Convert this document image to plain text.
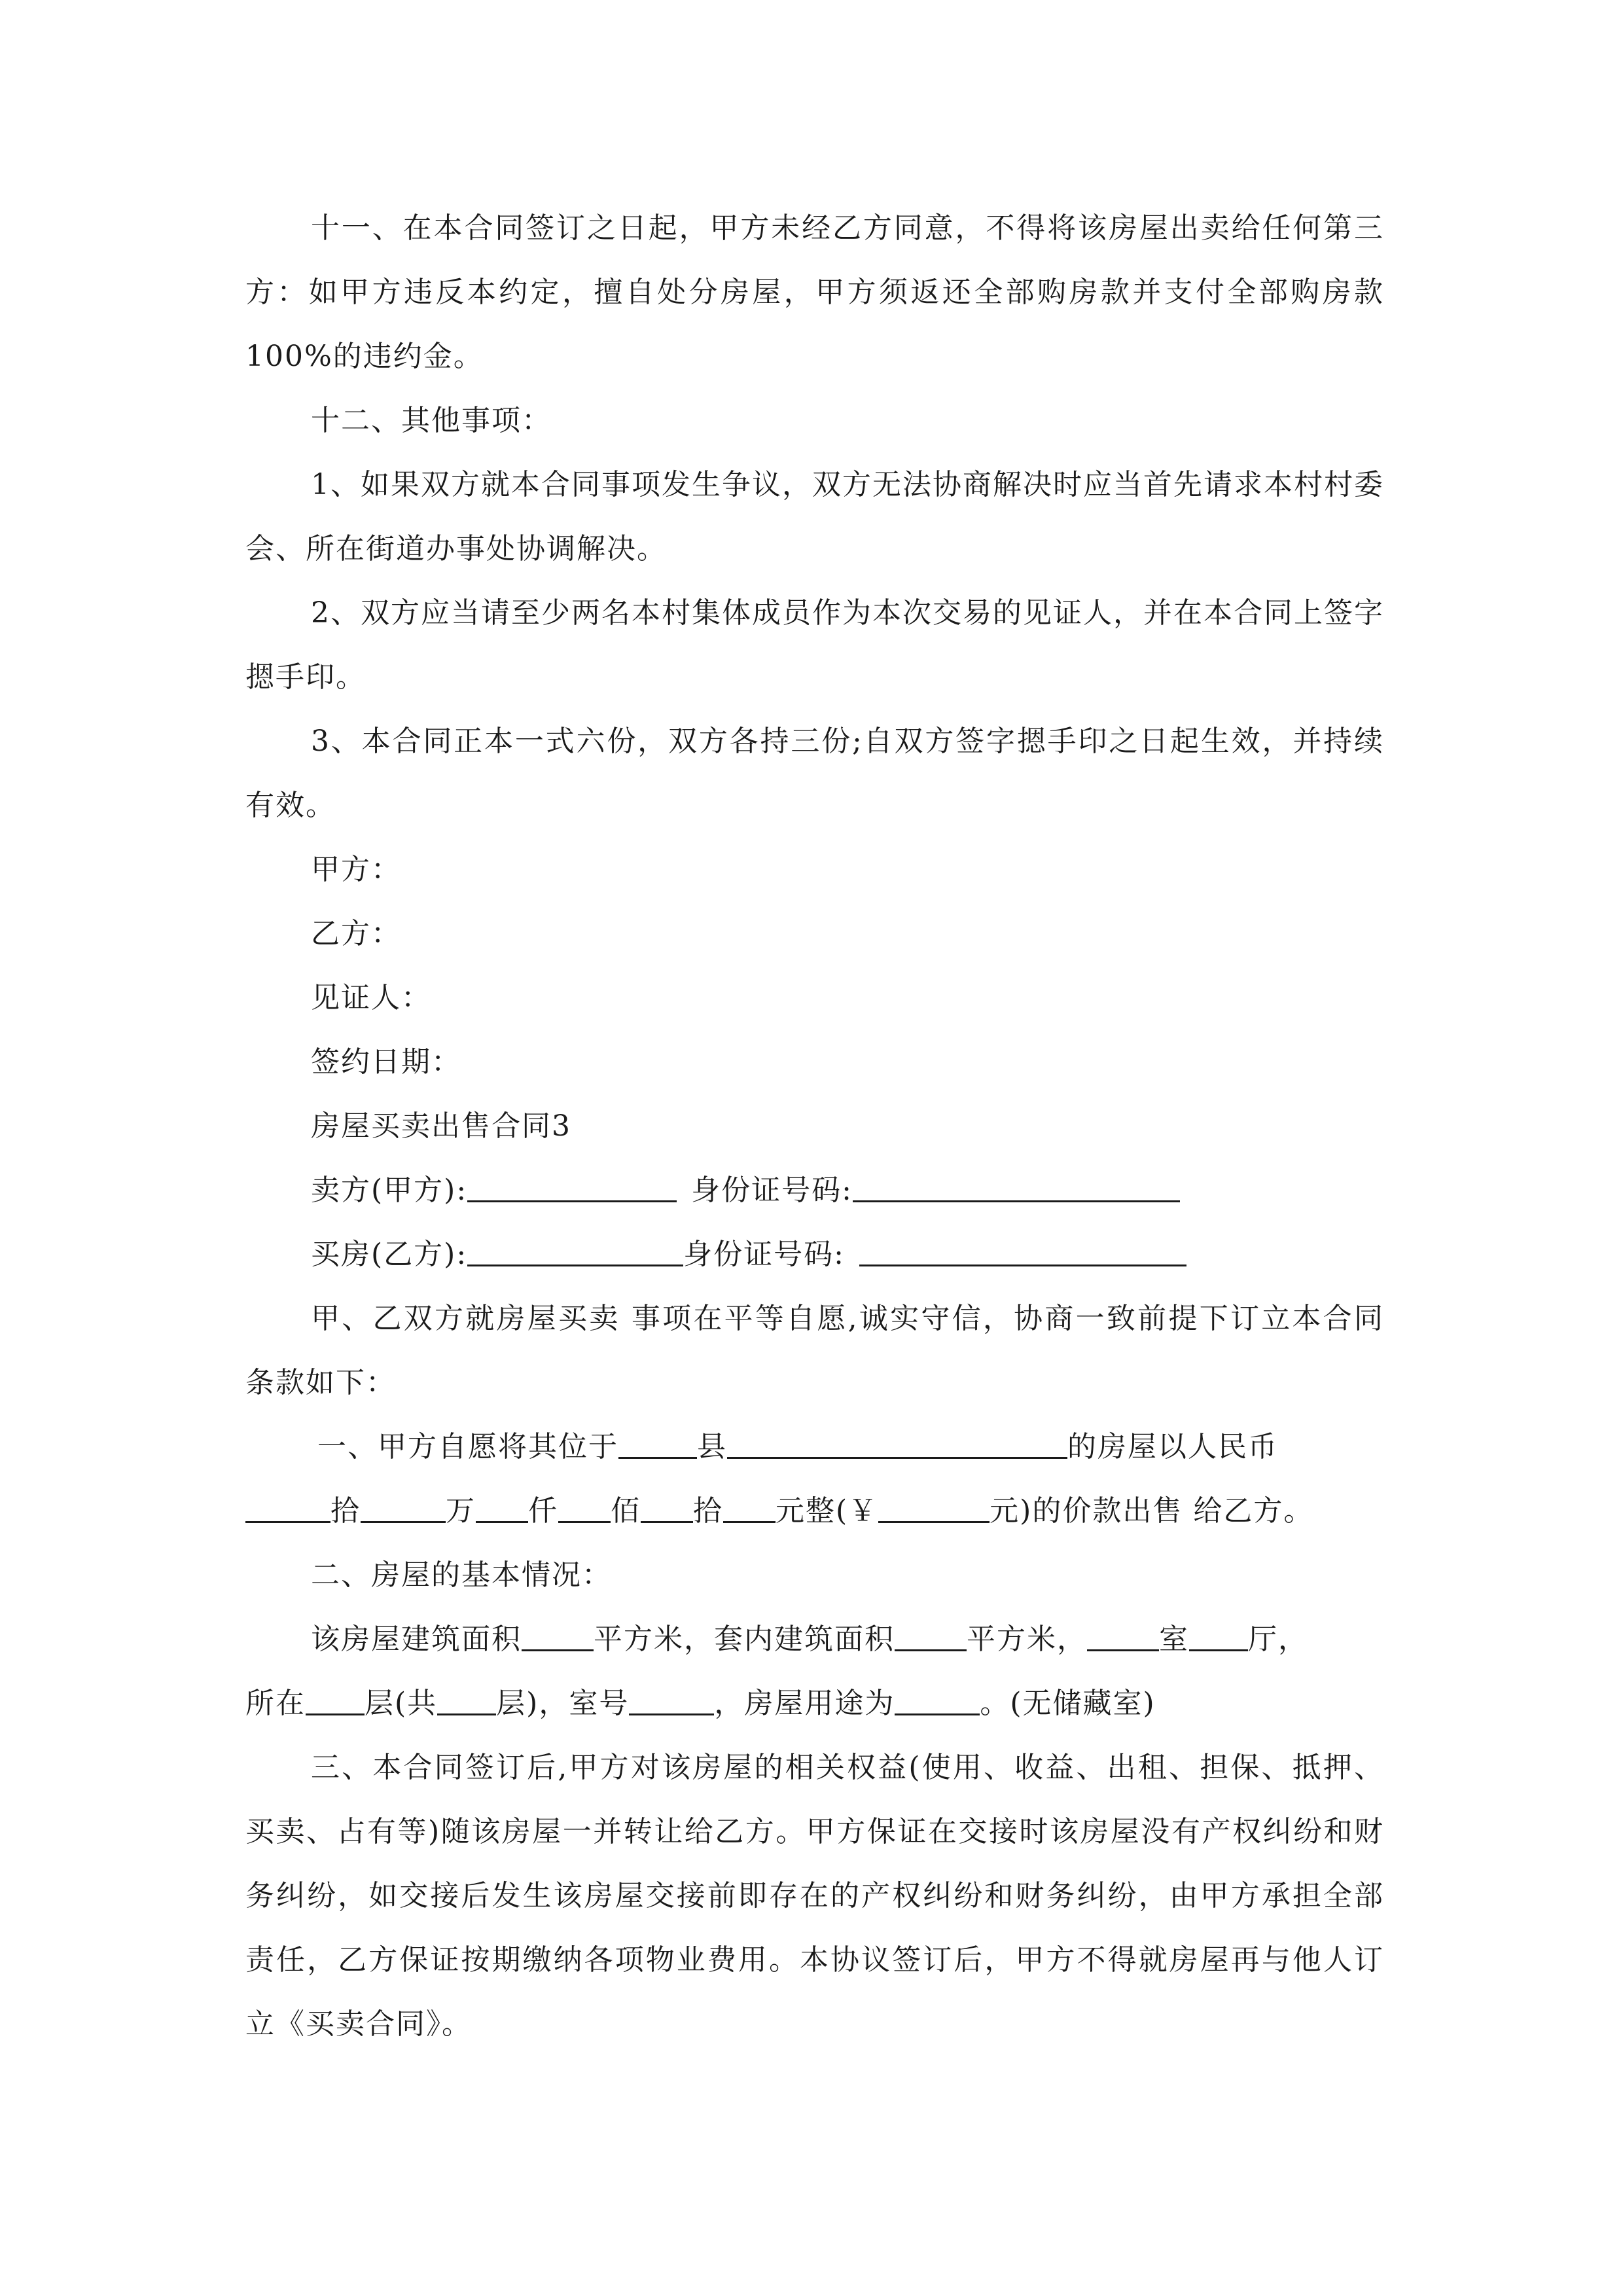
十一、在本合同签订之日起，甲方未经乙方同意，不得将该房屋出卖给任何第三方：如甲方违反本约定，擅自处分房屋，甲方须返还全部购房款并支付全部购房款100%的违约金。

十二、其他事项：

1、如果双方就本合同事项发生争议，双方无法协商解决时应当首先请求本村村委会、所在街道办事处协调解决。

2、双方应当请至少两名本村集体成员作为本次交易的见证人，并在本合同上签字摁手印。

3、本合同正本一式六份，双方各持三份;自双方签字摁手印之日起生效，并持续有效。

甲方：

乙方：

见证人：

签约日期：

房屋买卖出售合同3

卖方(甲方):	身份证号码:

买房(乙方):	身份证号码:

甲、乙双方就房屋买卖 事项在平等自愿,诚实守信，协商一致前提下订立本合同条款如下：

一、甲方自愿将其位于	县	的房屋以人民币

拾	万 仟 佰 拾 元整(￥	元)的价款出售 给乙方。

二、房屋的基本情况：

该房屋建筑面积	平方米，套内建筑面积	平方米，	室 厅，

所在 层(共 层)，室号	，房屋用途为	。(无储藏室)

三、本合同签订后,甲方对该房屋的相关权益(使用、收益、出租、担保、抵押、买卖、占有等)随该房屋一并转让给乙方。甲方保证在交接时该房屋没有产权纠纷和财务纠纷，如交接后发生该房屋交接前即存在的产权纠纷和财务纠纷，由甲方承担全部责任，乙方保证按期缴纳各项物业费用。本协议签订后，甲方不得就房屋再与他人订立《买卖合同》。
